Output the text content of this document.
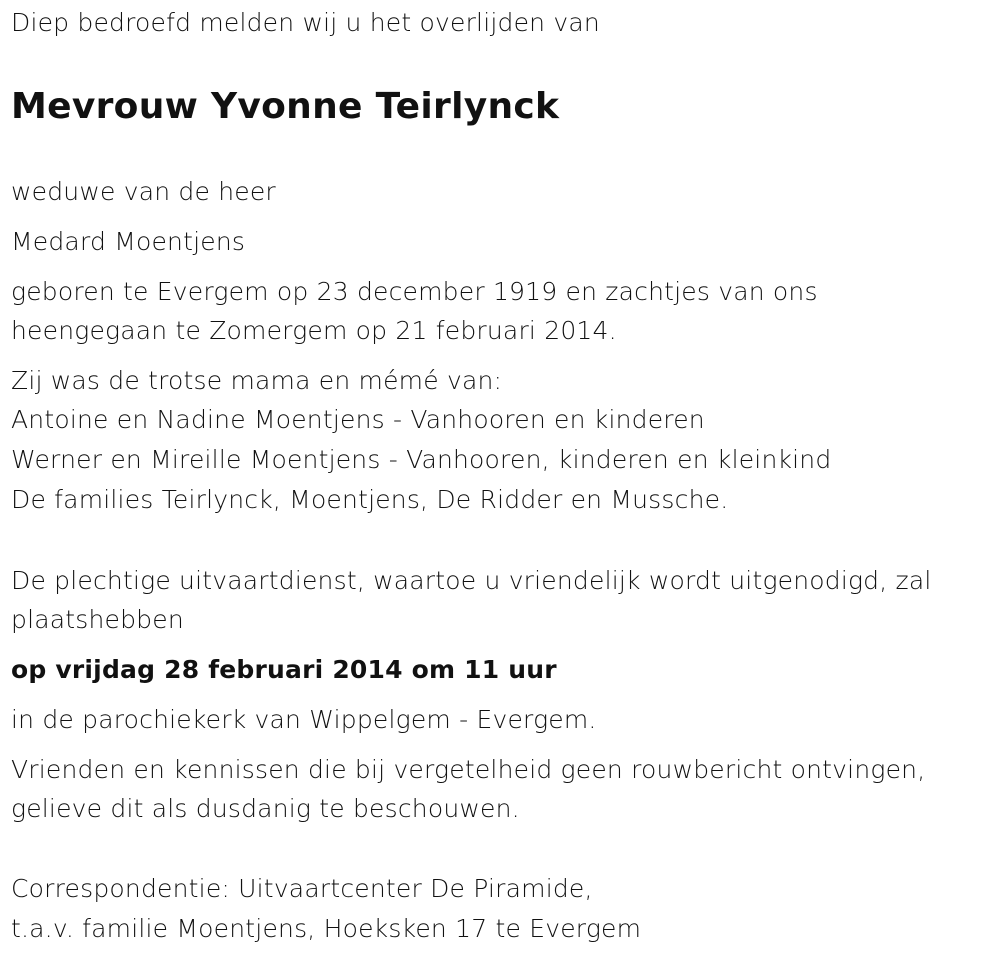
Diep bedroefd melden wij u het overlijden van
Mevrouw Yvonne Teirlynck
weduwe van de heer
Medard Moentjens
geboren te Evergem op 23 december 1919 en zachtjes van ons
heengegaan te Zomergem op 21 februari 2014.
Zij was de trotse mama en mémé van:
Antoine en Nadine Moentjens - Vanhooren en kinderen
Werner en Mireille Moentjens - Vanhooren, kinderen en kleinkind
De families Teirlynck, Moentjens, De Ridder en Mussche.
De plechtige uitvaartdienst, waartoe u vriendelijk wordt uitgenodigd, zal
plaatshebben
op vrijdag 28 februari 2014 om 11 uur
in de parochiekerk van Wippelgem - Evergem.
Vrienden en kennissen die bij vergetelheid geen rouwbericht ontvingen,
gelieve dit als dusdanig te beschouwen.
Correspondentie: Uitvaartcenter De Piramide,
t.a.v. familie Moentjens, Hoeksken 17 te Evergem
